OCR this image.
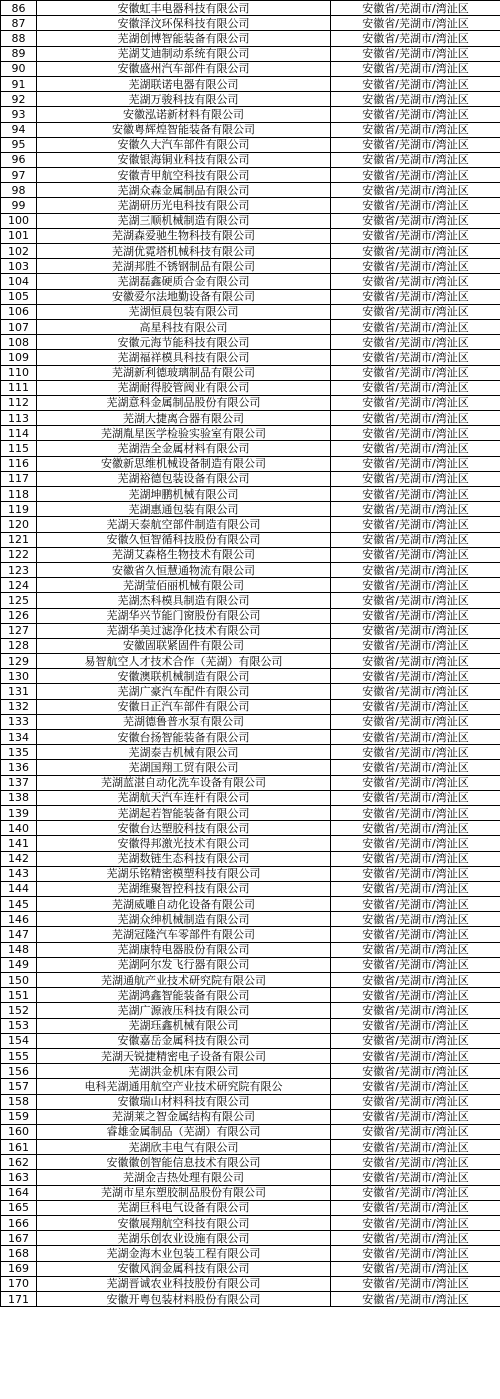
86	安徽虹丰电器科技有限公司	安徽省/芜湖市/湾沚区
87	安徽泽汶环保科技有限公司	安徽省/芜湖市/湾沚区
88	芜湖创博智能装备有限公司	安徽省/芜湖市/湾沚区
89	芜湖艾迪制动系统有限公司	安徽省/芜湖市/湾沚区
90	安徽盛州汽车部件有限公司	安徽省/芜湖市/湾沚区
91	芜湖联诺电器有限公司	安徽省/芜湖市/湾沚区
92	芜湖万骏科技有限公司	安徽省/芜湖市/湾沚区
93	安徽泓诺新材料有限公司	安徽省/芜湖市/湾沚区
94	安徽粤辉煌智能装备有限公司	安徽省/芜湖市/湾沚区
95	安徽久大汽车部件有限公司	安徽省/芜湖市/湾沚区
96	安徽银海铜业科技有限公司	安徽省/芜湖市/湾沚区
97	安徽青甲航空科技有限公司	安徽省/芜湖市/湾沚区
98	芜湖众森金属制品有限公司	安徽省/芜湖市/湾沚区
99	芜湖研历光电科技有限公司	安徽省/芜湖市/湾沚区
100	芜湖三顺机械制造有限公司	安徽省/芜湖市/湾沚区
101	芜湖森爱驰生物科技有限公司	安徽省/芜湖市/湾沚区
102	芜湖优霓塔机械科技有限公司	安徽省/芜湖市/湾沚区
103	芜湖邦胜不锈钢制品有限公司	安徽省/芜湖市/湾沚区
104	芜湖磊鑫硬质合金有限公司	安徽省/芜湖市/湾沚区
105	安徽爱尔法地勤设备有限公司	安徽省/芜湖市/湾沚区
106	芜湖恒晨包装有限公司	安徽省/芜湖市/湾沚区
107	高星科技有限公司	安徽省/芜湖市/湾沚区
108	安徽元海节能科技有限公司	安徽省/芜湖市/湾沚区
109	芜湖福祥模具科技有限公司	安徽省/芜湖市/湾沚区
110	芜湖新利德玻璃制品有限公司	安徽省/芜湖市/湾沚区
111	芜湖耐得胶管阀业有限公司	安徽省/芜湖市/湾沚区
112	芜湖意科金属制品股份有限公司	安徽省/芜湖市/湾沚区
113	芜湖大捷离合器有限公司	安徽省/芜湖市/湾沚区
114	芜湖胤星医学检验实验室有限公司	安徽省/芜湖市/湾沚区
115	芜湖浩全金属材料有限公司	安徽省/芜湖市/湾沚区
116	安徽新思维机械设备制造有限公司	安徽省/芜湖市/湾沚区
117	芜湖裕德包装设备有限公司	安徽省/芜湖市/湾沚区
118	芜湖坤鹏机械有限公司	安徽省/芜湖市/湾沚区
119	芜湖惠通包装有限公司	安徽省/芜湖市/湾沚区
120	芜湖天泰航空部件制造有限公司	安徽省/芜湖市/湾沚区
121	安徽久恒智循科技股份有限公司	安徽省/芜湖市/湾沚区
122	芜湖艾森格生物技术有限公司	安徽省/芜湖市/湾沚区
123	安徽省久恒慧通物流有限公司	安徽省/芜湖市/湾沚区
124	芜湖莹佰丽机械有限公司	安徽省/芜湖市/湾沚区
125	芜湖杰科模具制造有限公司	安徽省/芜湖市/湾沚区
126	芜湖华兴节能门窗股份有限公司	安徽省/芜湖市/湾沚区
127	芜湖华美过滤净化技术有限公司	安徽省/芜湖市/湾沚区
128	安徽固联紧固件有限公司	安徽省/芜湖市/湾沚区
129	易智航空人才技术合作（芜湖）有限公司	安徽省/芜湖市/湾沚区
130	安徽澳联机械制造有限公司	安徽省/芜湖市/湾沚区
131	芜湖广豪汽车配件有限公司	安徽省/芜湖市/湾沚区
132	安徽日正汽车部件有限公司	安徽省/芜湖市/湾沚区
133	芜湖德鲁普水泵有限公司	安徽省/芜湖市/湾沚区
134	安徽台扬智能装备有限公司	安徽省/芜湖市/湾沚区
135	芜湖泰吉机械有限公司	安徽省/芜湖市/湾沚区
136	芜湖国翔工贸有限公司	安徽省/芜湖市/湾沚区
137	芜湖蓝湛自动化洗车设备有限公司	安徽省/芜湖市/湾沚区
138	芜湖航天汽车连杆有限公司	安徽省/芜湖市/湾沚区
139	芜湖起若智能装备有限公司	安徽省/芜湖市/湾沚区
140	安徽台达塑胶科技有限公司	安徽省/芜湖市/湾沚区
141	安徽得邦激光技术有限公司	安徽省/芜湖市/湾沚区
142	芜湖数链生态科技有限公司	安徽省/芜湖市/湾沚区
143	芜湖乐铭精密模塑科技有限公司	安徽省/芜湖市/湾沚区
144	芜湖维聚智控科技有限公司	安徽省/芜湖市/湾沚区
145	芜湖威雕自动化设备有限公司	安徽省/芜湖市/湾沚区
146	芜湖众绅机械制造有限公司	安徽省/芜湖市/湾沚区
147	芜湖冠隆汽车零部件有限公司	安徽省/芜湖市/湾沚区
148	芜湖康特电器股份有限公司	安徽省/芜湖市/湾沚区
149	芜湖阿尔发飞行器有限公司	安徽省/芜湖市/湾沚区
150	芜湖通航产业技术研究院有限公司	安徽省/芜湖市/湾沚区
151	芜湖鸿鑫智能装备有限公司	安徽省/芜湖市/湾沚区
152	芜湖广源液压科技有限公司	安徽省/芜湖市/湾沚区
153	芜湖珏鑫机械有限公司	安徽省/芜湖市/湾沚区
154	安徽嘉岳金属科技有限公司	安徽省/芜湖市/湾沚区
155	芜湖天锐捷精密电子设备有限公司	安徽省/芜湖市/湾沚区
156	芜湖洪金机床有限公司	安徽省/芜湖市/湾沚区
157	电科芜湖通用航空产业技术研究院有限公	安徽省/芜湖市/湾沚区
158	安徽瑞山材料科技有限公司	安徽省/芜湖市/湾沚区
159	芜湖莱之智金属结构有限公司	安徽省/芜湖市/湾沚区
160	睿雄金属制品（芜湖）有限公司	安徽省/芜湖市/湾沚区
161	芜湖欣丰电气有限公司	安徽省/芜湖市/湾沚区
162	安徽徽创智能信息技术有限公司	安徽省/芜湖市/湾沚区
163	芜湖金吉热处理有限公司	安徽省/芜湖市/湾沚区
164	芜湖市星东塑胶制品股份有限公司	安徽省/芜湖市/湾沚区
165	芜湖巨科电气设备有限公司	安徽省/芜湖市/湾沚区
166	安徽展翔航空科技有限公司	安徽省/芜湖市/湾沚区
167	芜湖乐创农业设施有限公司	安徽省/芜湖市/湾沚区
168	芜湖金海木业包装工程有限公司	安徽省/芜湖市/湾沚区
169	安徽风润金属科技有限公司	安徽省/芜湖市/湾沚区
170	芜湖晋诚农业科技股份有限公司	安徽省/芜湖市/湾沚区
171	安徽开粤包装材料股份有限公司	安徽省/芜湖市/湾沚区
